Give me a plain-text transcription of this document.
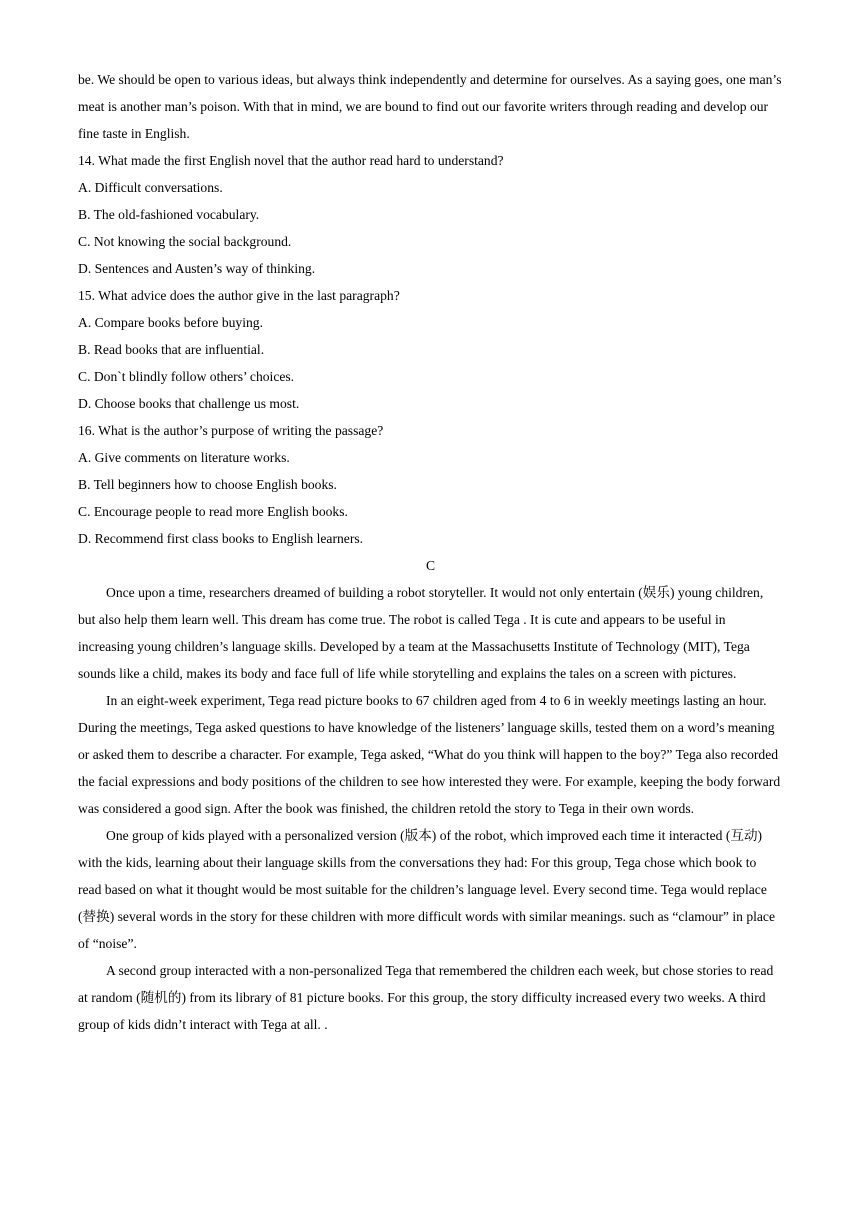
be. We should be open to various ideas, but always think independently and determine for ourselves. As a saying goes, one man’s meat is another man’s poison. With that in mind, we are bound to find out our favorite writers through reading and develop our fine taste in English.

14. What made the first English novel that the author read hard to understand?

A. Difficult conversations.

B. The old-fashioned vocabulary.

C. Not knowing the social background.

D. Sentences and Austen’s way of thinking.

15. What advice does the author give in the last paragraph?

A. Compare books before buying.

B. Read books that are influential.

C. Don`t blindly follow others’ choices.

D. Choose books that challenge us most.

16. What is the author’s purpose of writing the passage?

A. Give comments on literature works.

B. Tell beginners how to choose English books.

C. Encourage people to read more English books.

D. Recommend first class books to English learners.

C

Once upon a time, researchers dreamed of building a robot storyteller. It would not only entertain (娱乐) young children, but also help them learn well. This dream has come true. The robot is called Tega . It is cute and appears to be useful in increasing young children’s language skills. Developed by a team at the Massachusetts Institute of Technology (MIT), Tega sounds like a child, makes its body and face full of life while storytelling and explains the tales on a screen with pictures.

In an eight-week experiment, Tega read picture books to 67 children aged from 4 to 6 in weekly meetings lasting an hour. During the meetings, Tega asked questions to have knowledge of the listeners’ language skills, tested them on a word’s meaning or asked them to describe a character. For example, Tega asked, “What do you think will happen to the boy?” Tega also recorded the facial expressions and body positions of the children to see how interested they were. For example, keeping the body forward was considered a good sign. After the book was finished, the children retold the story to Tega in their own words.

One group of kids played with a personalized version (版本) of the robot, which improved each time it interacted (互动) with the kids, learning about their language skills from the conversations they had: For this group, Tega chose which book to read based on what it thought would be most suitable for the children’s language level. Every second time. Tega would replace (替换) several words in the story for these children with more difficult words with similar meanings. such as “clamour” in place of “noise”.

A second group interacted with a non-personalized Tega that remembered the children each week, but chose stories to read at random (随机的) from its library of 81 picture books. For this group, the story difficulty increased every two weeks. A third group of kids didn’t interact with Tega at all. .
